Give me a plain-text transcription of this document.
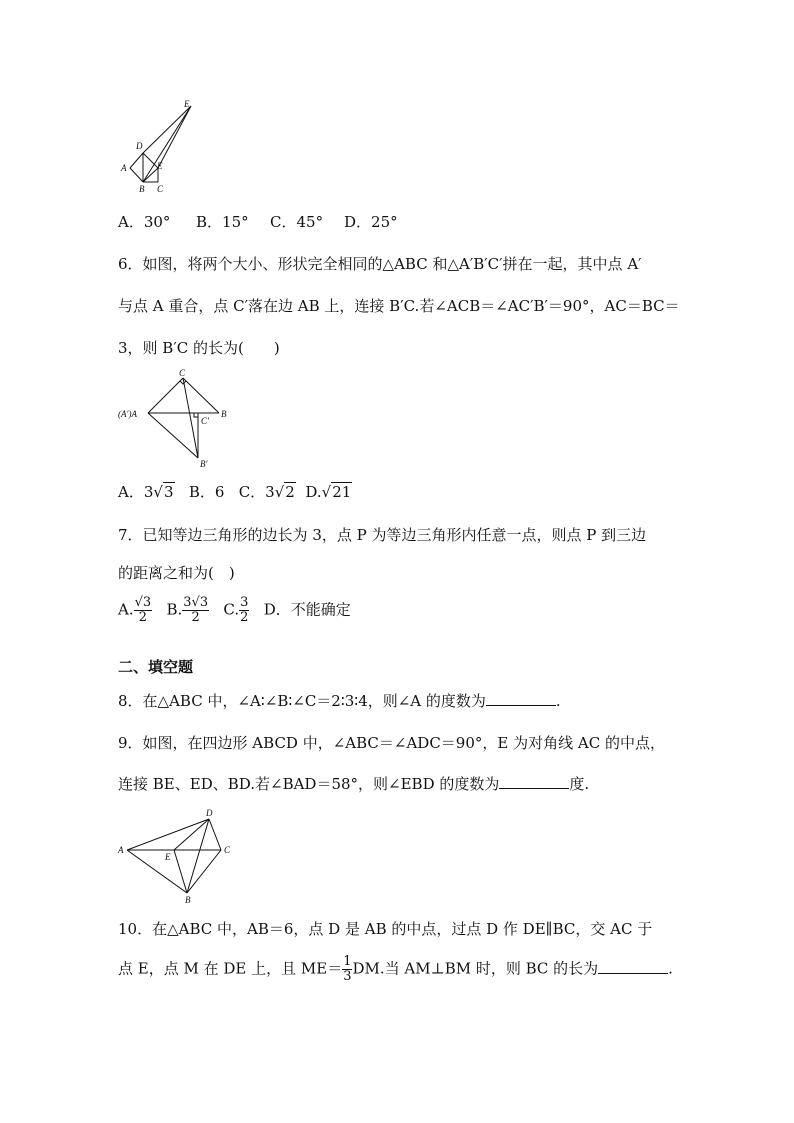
A
D
E
E
B C
A．30° B．15° C．45° D．25°
6．如图，将两个大小、形状完全相同的△ABC 和△A′B′C′拼在一起，其中点 A′
与点 A 重合，点 C′落在边 AB 上，连接 B′C.若∠ACB＝∠AC′B′＝90°，AC＝BC＝
3，则 B′C 的长为(　　)
(A′)A
C
B
C′
B′
A．3√3 B．6 C．3√2 D.√21
7．已知等边三角形的边长为 3，点 P 为等边三角形内任意一点，则点 P 到三边
的距离之和为(　)
A. $\frac{√3}{2} B$. $\frac{3√3}{2} C$. $\frac{3}{2}$ D．不能确定
二、填空题
8．在△ABC 中，∠A∶∠B∶∠C＝2∶3∶4，则∠A 的度数为	.
9．如图，在四边形 ABCD 中，∠ABC＝∠ADC＝90°，E 为对角线 AC 的中点，
连接 BE、ED、BD.若∠BAD＝58°，则∠EBD 的度数为	度.
A
D
C
E
B
10．在△ABC 中，AB＝6，点 D 是 AB 的中点，过点 D 作 DE∥BC，交 AC 于
点 E，点 M 在 DE 上，且 $ME= \frac{1}{3}$ DM.当 AM⊥BM 时，则 BC 的长为	.
